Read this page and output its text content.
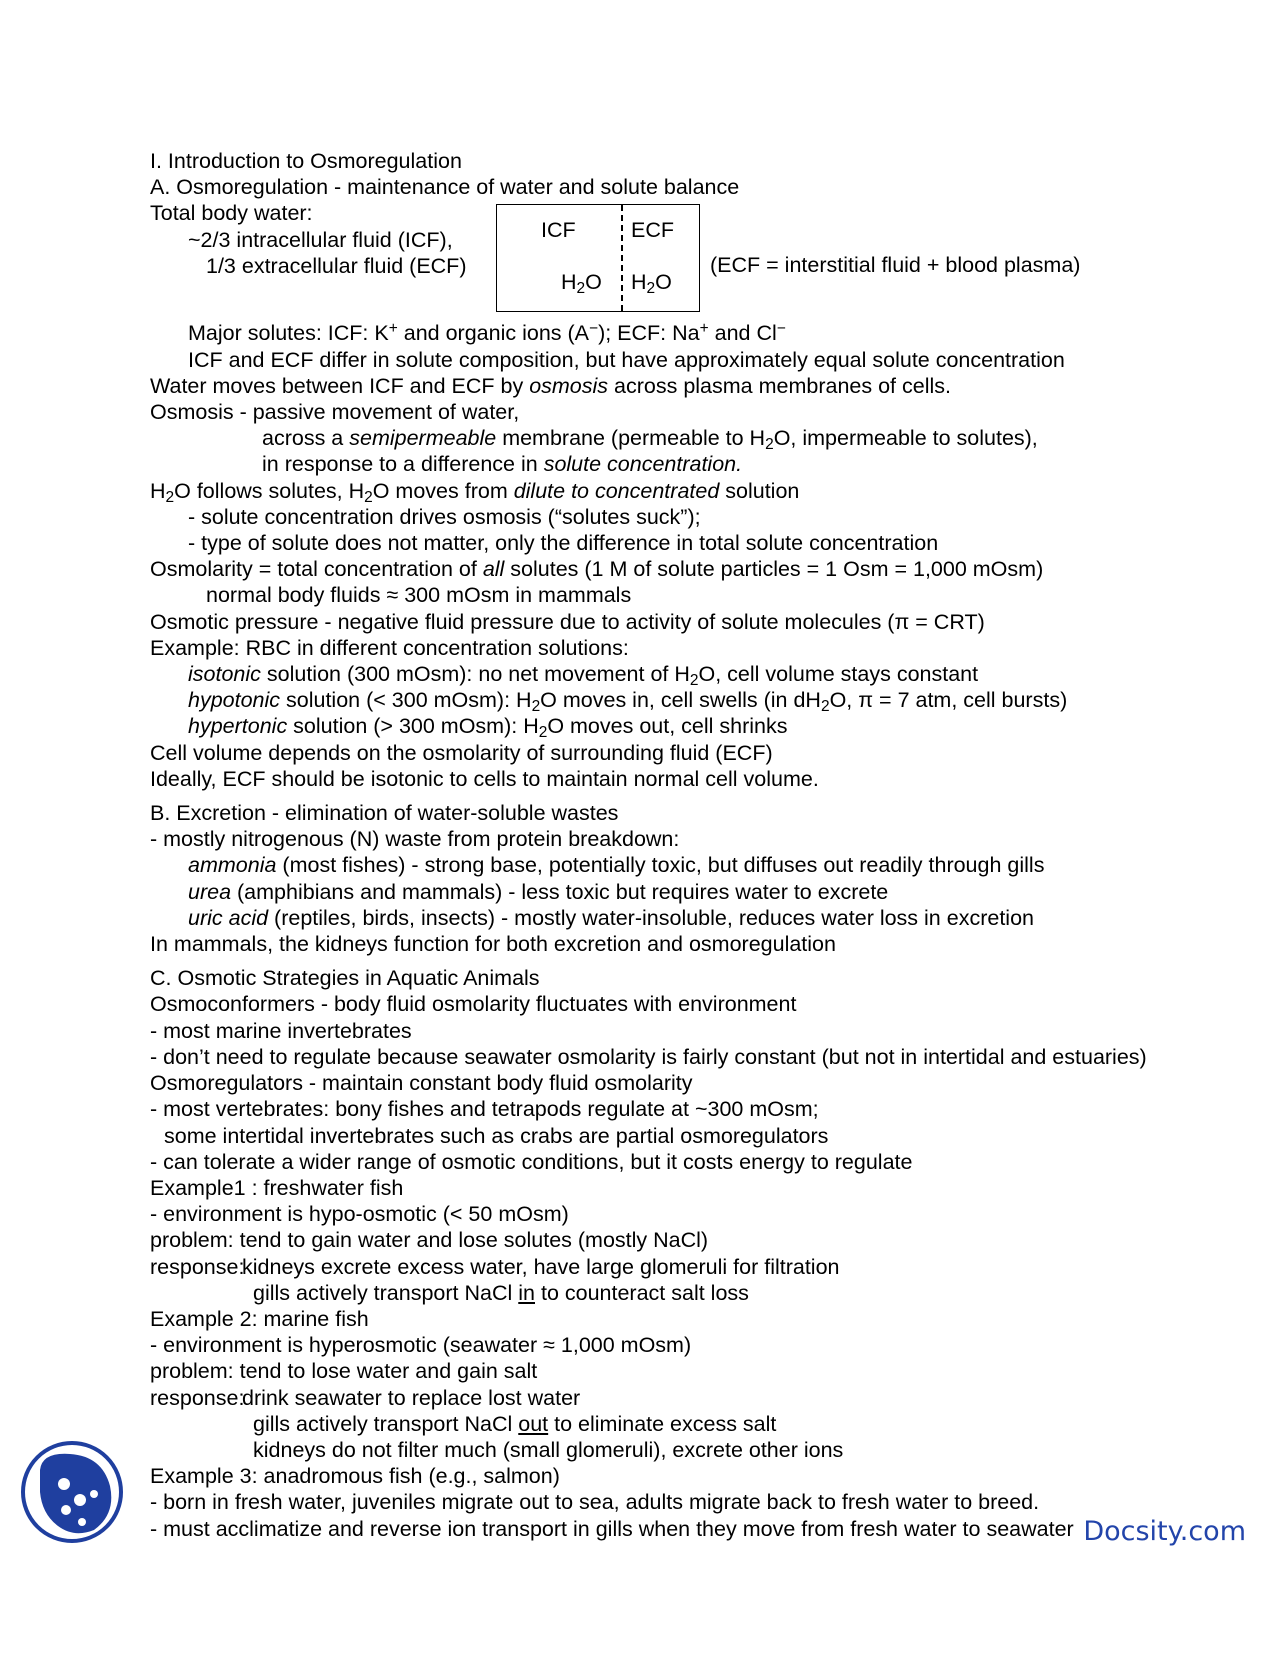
I. Introduction to Osmoregulation
A. Osmoregulation - maintenance of water and solute balance
Total body water:
~2/3 intracellular fluid (ICF),
1/3 extracellular fluid (ECF)
ICF	ECF
$H_2O$ $H_2O$
(ECF = interstitial fluid + blood plasma)
Major solutes: ICF: K+ and organic ions (A−); ECF: Na+ and Cl−
ICF and ECF differ in solute composition, but have approximately equal solute concentration
Water moves between ICF and ECF by osmosis across plasma membranes of cells.
Osmosis - passive movement of water,
across a semipermeable membrane (permeable to $H_2O$, impermeable to solutes),
in response to a difference in solute concentration.
$H_2O$ follows solutes, $H_2O$ moves from dilute to concentrated solution
- solute concentration drives osmosis (“solutes suck”);
- type of solute does not matter, only the difference in total solute concentration
Osmolarity = total concentration of all solutes (1 M of solute particles = 1 Osm = 1,000 mOsm)
normal body fluids ≈ 300 mOsm in mammals
Osmotic pressure - negative fluid pressure due to activity of solute molecules (π = CRT)
Example: RBC in different concentration solutions:
isotonic solution (300 mOsm): no net movement of $H_2O$, cell volume stays constant
hypotonic solution (< 300 mOsm): $H_2O$ moves in, cell swells (in $dH_2O$, π = 7 atm, cell bursts)
hypertonic solution (> 300 mOsm): $H_2O$ moves out, cell shrinks
Cell volume depends on the osmolarity of surrounding fluid (ECF)
Ideally, ECF should be isotonic to cells to maintain normal cell volume.
B. Excretion - elimination of water-soluble wastes
- mostly nitrogenous (N) waste from protein breakdown:
ammonia (most fishes) - strong base, potentially toxic, but diffuses out readily through gills
urea (amphibians and mammals) - less toxic but requires water to excrete
uric acid (reptiles, birds, insects) - mostly water-insoluble, reduces water loss in excretion
In mammals, the kidneys function for both excretion and osmoregulation
C. Osmotic Strategies in Aquatic Animals
Osmoconformers - body fluid osmolarity fluctuates with environment
- most marine invertebrates
- don’t need to regulate because seawater osmolarity is fairly constant (but not in intertidal and estuaries)
Osmoregulators - maintain constant body fluid osmolarity
- most vertebrates: bony fishes and tetrapods regulate at ~300 mOsm;
some intertidal invertebrates such as crabs are partial osmoregulators
- can tolerate a wider range of osmotic conditions, but it costs energy to regulate
Example1 : freshwater fish
- environment is hypo-osmotic (< 50 mOsm)
problem: tend to gain water and lose solutes (mostly NaCl)
response:kidneys excrete excess water, have large glomeruli for filtration
gills actively transport NaCl in to counteract salt loss
Example 2: marine fish
- environment is hyperosmotic (seawater ≈ 1,000 mOsm)
problem: tend to lose water and gain salt
response:drink seawater to replace lost water
gills actively transport NaCl out to eliminate excess salt
kidneys do not filter much (small glomeruli), excrete other ions
Example 3: anadromous fish (e.g., salmon)
- born in fresh water, juveniles migrate out to sea, adults migrate back to fresh water to breed.
- must acclimatize and reverse ion transport in gills when they move from fresh water to seawater Docsity.com
